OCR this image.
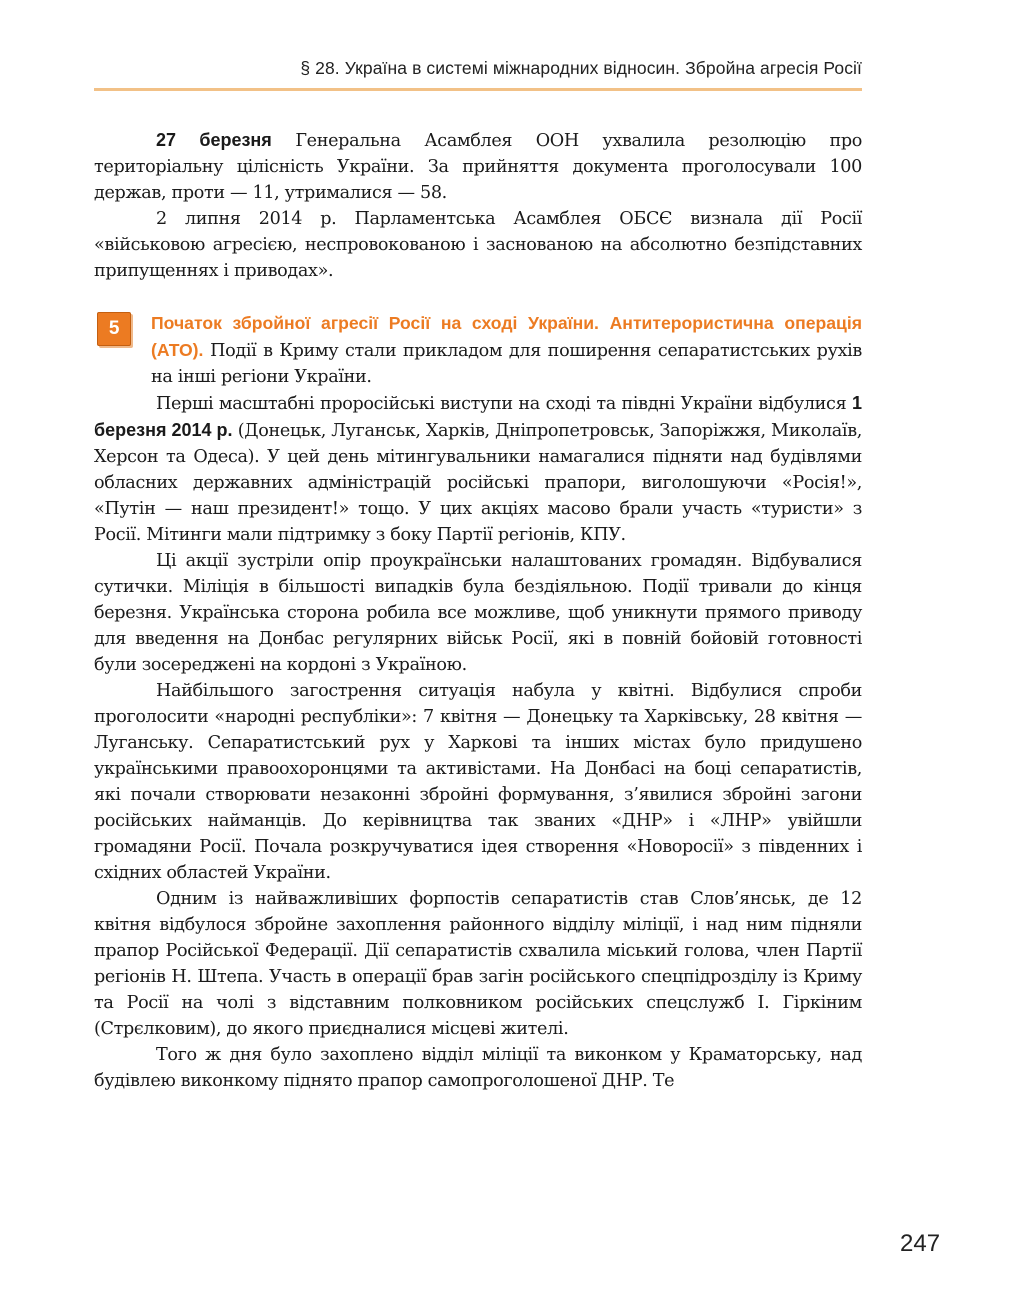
§ 28. Україна в системі міжнародних відносин. Збройна агресія Росії

27 березня Генеральна Асамблея ООН ухвалила резолюцію про територіальну цілісність України. За прийняття документа проголосували 100 держав, проти — 11, утрималися — 58.

2 липня 2014 р. Парламентська Асамблея ОБСЄ визнала дії Росії «військовою агресією, неспровокованою і заснованою на абсолютно безпідставних припущеннях і приводах».

5	Початок збройної агресії Росії на сході України. Антитерористична операція (АТО). Події в Криму стали прикладом для поширення сепаратистських рухів на інші регіони України.

Перші масштабні проросійські виступи на сході та півдні України відбулися 1 березня 2014 р. (Донецьк, Луганськ, Харків, Дніпропетровськ, Запоріжжя, Миколаїв, Херсон та Одеса). У цей день мітингувальники намагалися підняти над будівлями обласних державних адміністрацій російські прапори, виголошуючи «Росія!», «Путін — наш президент!» тощо. У цих акціях масово брали участь «туристи» з Росії. Мітинги мали підтримку з боку Партії регіонів, КПУ.

Ці акції зустріли опір проукраїнськи налаштованих громадян. Відбувалися сутички. Міліція в більшості випадків була бездіяльною. Події тривали до кінця березня. Українська сторона робила все можливе, щоб уникнути прямого приводу для введення на Донбас регулярних військ Росії, які в повній бойовій готовності були зосереджені на кордоні з Україною.

Найбільшого загострення ситуація набула у квітні. Відбулися спроби проголосити «народні республіки»: 7 квітня — Донецьку та Харківську, 28 квітня — Луганську. Сепаратистський рух у Харкові та інших містах було придушено українськими правоохоронцями та активістами. На Донбасі на боці сепаратистів, які почали створювати незаконні збройні формування, з’явилися збройні загони російських найманців. До керівництва так званих «ДНР» і «ЛНР» увійшли громадяни Росії. Почала розкручуватися ідея створення «Новоросії» з південних і східних областей України.

Одним із найважливіших форпостів сепаратистів став Слов’янськ, де 12 квітня відбулося збройне захоплення районного відділу міліції, і над ним підняли прапор Російської Федерації. Дії сепаратистів схвалила міський голова, член Партії регіонів Н. Штепа. Участь в операції брав загін російського спецпідрозділу із Криму та Росії на чолі з відставним полковником російських спецслужб І. Гіркіним (Стрєлковим), до якого приєдналися місцеві жителі.

Того ж дня було захоплено відділ міліції та виконком у Краматорську, над будівлею виконкому піднято прапор самопроголошеної ДНР. Те

247
